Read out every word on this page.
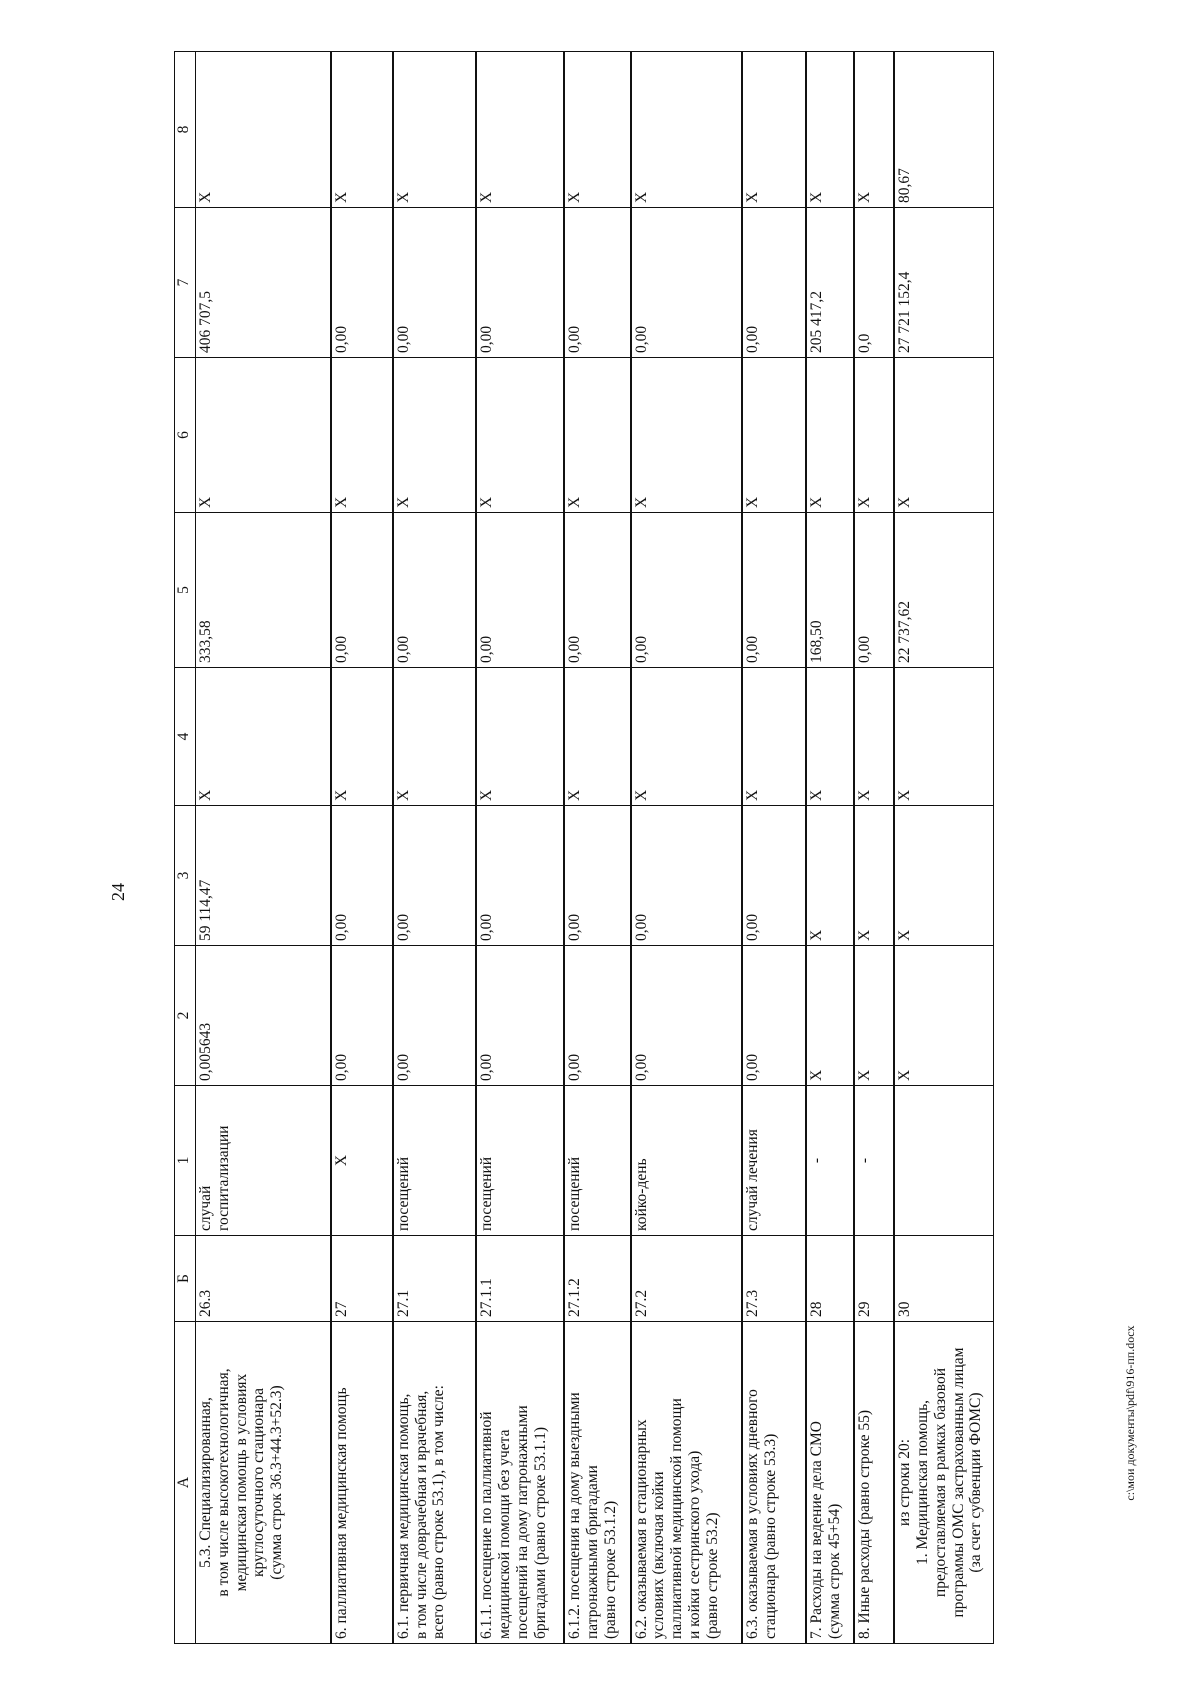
24
А	Б	1	2	3	4	5	6	7	8
5.3. Специализированная,
в том числе высокотехнологичная,
медицинская помощь в условиях
круглосуточного стационара
(сумма строк 36.3+44.3+52.3)	26.3	случай
госпитализации	0,005643	59 114,47	Х	333,58	Х	406 707,5	Х
6. паллиативная медицинская помощь	27	Х	0,00	0,00	Х	0,00	Х	0,00	Х
6.1. первичная медицинская помощь,
в том числе доврачебная и врачебная,
всего (равно строке 53.1), в том числе:	27.1	посещений	0,00	0,00	Х	0,00	Х	0,00	Х
6.1.1. посещение по паллиативной
медицинской помощи без учета
посещений на дому патронажными
бригадами (равно строке 53.1.1)	27.1.1	посещений	0,00	0,00	Х	0,00	Х	0,00	Х
6.1.2. посещения на дому выездными
патронажными бригадами
(равно строке 53.1.2)	27.1.2	посещений	0,00	0,00	Х	0,00	Х	0,00	Х
6.2. оказываемая в стационарных
условиях (включая койки
паллиативной медицинской помощи
и койки сестринского ухода)
(равно строке 53.2)	27.2	койко-день	0,00	0,00	Х	0,00	Х	0,00	Х
6.3. оказываемая в условиях дневного
стационара (равно строке 53.3)	27.3	случай лечения	0,00	0,00	Х	0,00	Х	0,00	Х
7. Расходы на ведение дела СМО
(сумма строк 45+54)	28	-	Х	Х	Х	168,50	Х	205 417,2	Х
8. Иные расходы (равно строке 55)	29	-	Х	Х	Х	0,00	Х	0,0	Х
из строки 20:
1. Медицинская помощь,
предоставляемая в рамках базовой
программы ОМС застрахованным лицам
(за счет субвенции ФОМС)	30		Х	Х	Х	22 737,62	Х	27 721 152,4	80,67
c:\мои документы\pdf\916-пп.docx
